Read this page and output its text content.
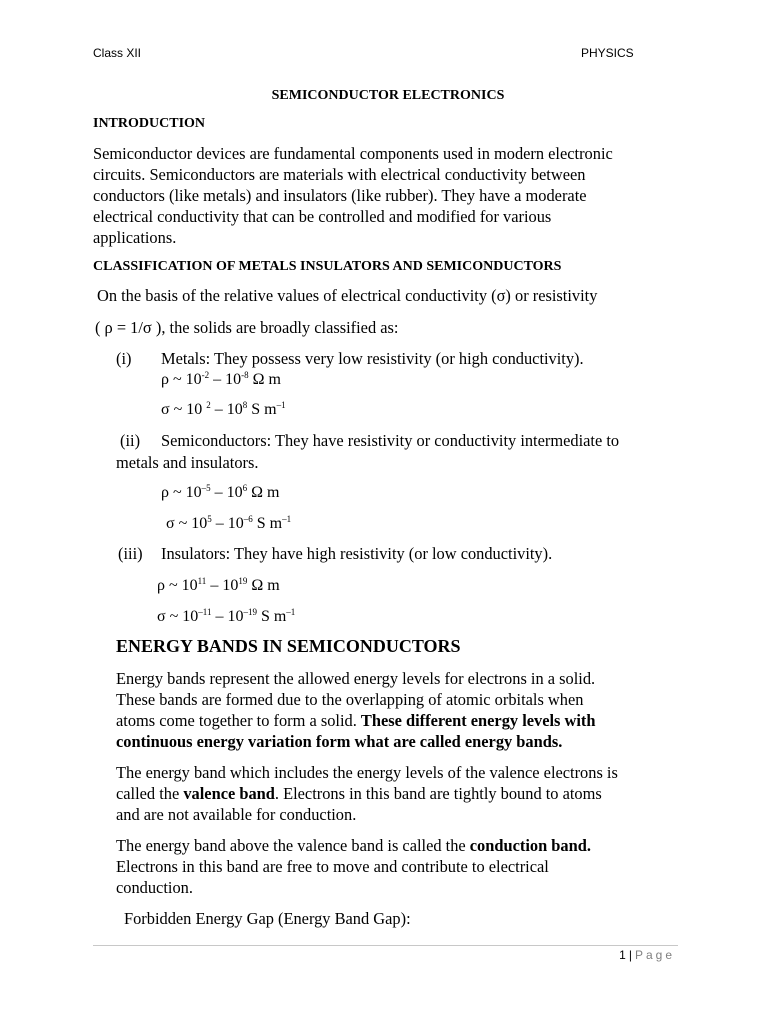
Class XII	PHYSICS
SEMICONDUCTOR ELECTRONICS
INTRODUCTION
Semiconductor devices are fundamental components used in modern electronic
circuits. Semiconductors are materials with electrical conductivity between
conductors (like metals) and insulators (like rubber). They have a moderate
electrical conductivity that can be controlled and modified for various
applications.
CLASSIFICATION OF METALS INSULATORS AND SEMICONDUCTORS
On the basis of the relative values of electrical conductivity (σ) or resistivity
( ρ = 1/σ ), the solids are broadly classified as:
(i) Metals: They possess very low resistivity (or high conductivity).
ρ ~ $10^{-2} - 10^{-8}$ Ω m
σ ~ 10 $^2 - 10^8$ S $m^{-1}$
(ii) Semiconductors: They have resistivity or conductivity intermediate to
metals and insulators.
ρ ~ $10^{-5} - 10^6$ Ω m
σ ~ $10^5 - 10^{-6}$ S $m^{-1}$
(iii) Insulators: They have high resistivity (or low conductivity).
ρ ~ $10^{11} - 10^{19}$ Ω m
σ ~ $10^{-11} - 10^{-19}$ S $m^{-1}$
ENERGY BANDS IN SEMICONDUCTORS
Energy bands represent the allowed energy levels for electrons in a solid.
These bands are formed due to the overlapping of atomic orbitals when
atoms come together to form a solid. These different energy levels with
continuous energy variation form what are called energy bands.
The energy band which includes the energy levels of the valence electrons is
called the valence band. Electrons in this band are tightly bound to atoms
and are not available for conduction.
The energy band above the valence band is called the conduction band.
Electrons in this band are free to move and contribute to electrical
conduction.
Forbidden Energy Gap (Energy Band Gap):
1 | Page
